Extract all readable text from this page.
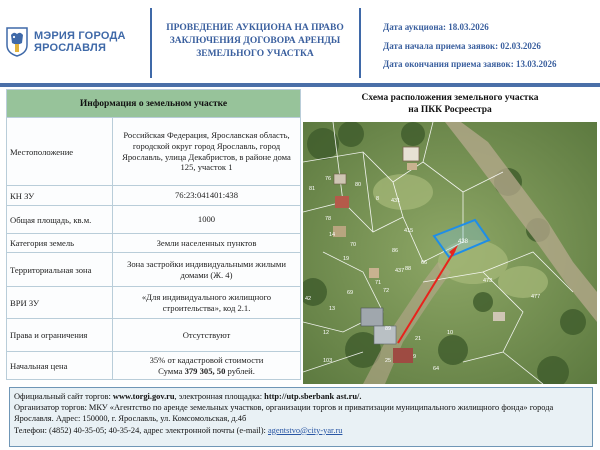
МЭРИЯ ГОРОДА
ЯРОСЛАВЛЯ
ПРОВЕДЕНИЕ АУКЦИОНА НА ПРАВО
ЗАКЛЮЧЕНИЯ ДОГОВОРА АРЕНДЫ
ЗЕМЕЛЬНОГО УЧАСТКА
Дата аукциона: 18.03.2026
Дата начала приема заявок: 02.03.2026
Дата окончания приема заявок: 13.03.2026
Информация о земельном участке	
Местоположение	Российская Федерация, Ярославская область, городской округ город Ярославль, город Ярославль, улица Декабристов, в районе дома 125, участок 1
КН ЗУ	76:23:041401:438
Общая площадь, кв.м.	1000
Категория земель	Земли населенных пунктов
Территориальная зона	Зона застройки индивидуальными жилыми домами (Ж. 4)
ВРИ ЗУ	«Для индивидуального жилищного строительства», код 2.1.
Права и ограничения	Отсутствуют
Начальная цена	35% от кадастровой стоимости
Сумма 379 305, 50 рублей.
Схема расположения земельного участка
на ПКК Росреестра
438
76
81
80
8
78
14
70
86
19
71
69	72
42
437 88
415
431
66
473
13
12
89
21
103	25
9
64
10
477
Официальный сайт торгов: www.torgi.gov.ru, электронная площадка: http://utp.sberbank ast.ru/.
Организатор торгов: МКУ «Агентство по аренде земельных участков, организации торгов и приватизации муниципального жилищного фонда» города Ярославля. Адрес: 150000, г. Ярославль, ул. Комсомольская, д.4б
Телефон: (4852) 40-35-05; 40-35-24, адрес электронной почты (e-mail): agentstvo@city-yar.ru
